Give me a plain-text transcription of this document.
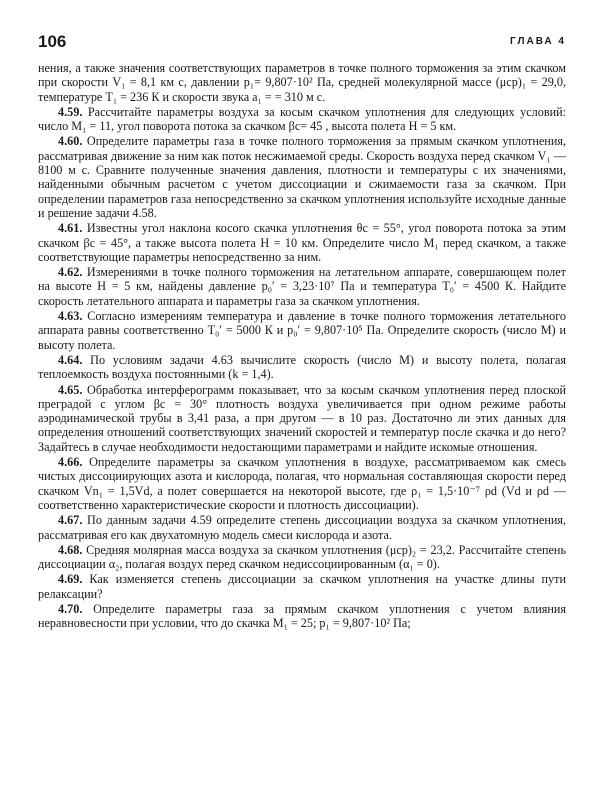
106	ГЛАВА 4

нения, а также значения соответствующих параметров в точке полного торможения за этим скачком при скорости V₁ = 8,1 км с, давлении p₁= 9,807·10² Па, средней молекулярной массе (μср)₁ = 29,0, температуре T₁ = 236 К и скорости звука a₁ = = 310 м с.

4.59. Рассчитайте параметры воздуха за косым скачком уплотнения для следующих условий: число M₁ = 11, угол поворота потока за скачком βс= 45 , высота полета H = 5 км.

4.60. Определите параметры газа в точке полного торможения за прямым скачком уплотнения, рассматривая движение за ним как поток несжимаемой среды. Скорость воздуха перед скачком V₁ — 8100 м с. Сравните полученные значения давления, плотности и температуры с их значениями, найденными обычным расчетом с учетом диссоциации и сжимаемости газа за скачком. При определении параметров газа непосредственно за скачком уплотнения используйте исходные данные и решение задачи 4.58.

4.61. Известны угол наклона косого скачка уплотнения θс = 55°, угол поворота потока за этим скачком βс = 45°, а также высота полета H = 10 км. Определите число M₁ перед скачком, а также соответствующие параметры непосредственно за ним.

4.62. Измерениями в точке полного торможения на летательном аппарате, совершающем полет на высоте H = 5 км, найдены давление p₀′ = 3,23·10⁷ Па и температура T₀′ = 4500 К. Найдите скорость летательного аппарата и параметры газа за скачком уплотнения.

4.63. Согласно измерениям температура и давление в точке полного торможения летательного аппарата равны соответственно T₀′ = 5000 К и p₀′ = 9,807·10⁵ Па. Определите скорость (число M) и высоту полета.

4.64. По условиям задачи 4.63 вычислите скорость (число M) и высоту полета, полагая теплоемкость воздуха постоянными (k = 1,4).

4.65. Обработка интерферограмм показывает, что за косым скачком уплотнения перед плоской преградой с углом βс = 30° плотность воздуха увеличивается при одном режиме работы аэродинамической трубы в 3,41 раза, а при другом — в 10 раз. Достаточно ли этих данных для определения отношений соответствующих значений скоростей и температур после скачка и до него? Задайтесь в случае необходимости недостающими параметрами и найдите искомые отношения.

4.66. Определите параметры за скачком уплотнения в воздухе, рассматриваемом как смесь чистых диссоциирующих азота и кислорода, полагая, что нормальная составляющая скорости перед скачком Vn₁ = 1,5Vd, а полет совершается на некоторой высоте, где ρ₁ = 1,5·10⁻⁷ ρd (Vd и ρd — соответственно характеристические скорости и плотность диссоциации).

4.67. По данным задачи 4.59 определите степень диссоциации воздуха за скачком уплотнения, рассматривая его как двухатомную модель смеси кислорода и азота.

4.68. Средняя молярная масса воздуха за скачком уплотнения (μср)₂ = 23,2. Рассчитайте степень диссоциации α₂, полагая воздух перед скачком недиссоциированным (α₁ = 0).

4.69. Как изменяется степень диссоциации за скачком уплотнения на участке длины пути релаксации?

4.70. Определите параметры газа за прямым скачком уплотнения с учетом влияния неравновесности при условии, что до скачка M₁ = 25; p₁ = 9,807·10² Па;
